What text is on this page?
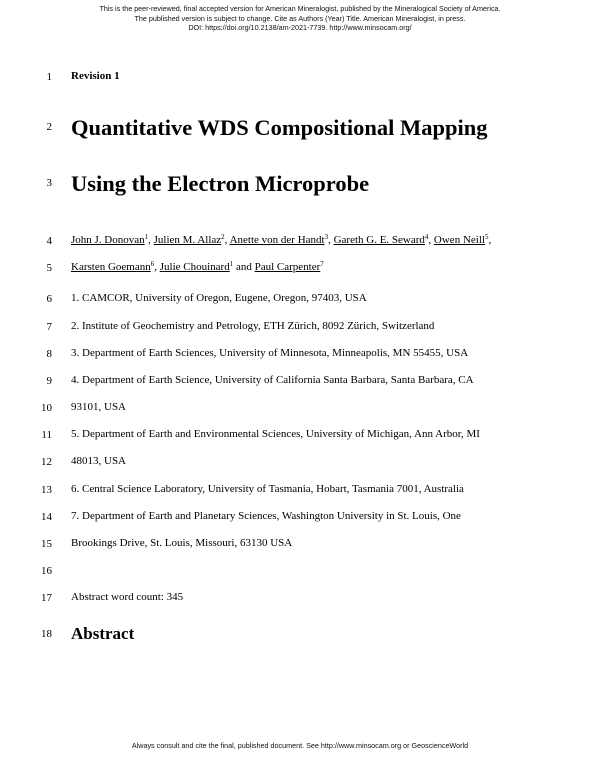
This is the peer-reviewed, final accepted version for American Mineralogist, published by the Mineralogical Society of America.
The published version is subject to change. Cite as Authors (Year) Title. American Mineralogist, in press.
DOI: https://doi.org/10.2138/am-2021-7739. http://www.minsocam.org/
1
2
3
4
5
6
7
8
9
10
11
12
13
14
15
16
17
18
Revision 1
Quantitative WDS Compositional Mapping
Using the Electron Microprobe
John J. Donovan$^1$, Julien M. Allaz$^2$, Anette von der Handt$^3$, Gareth G. E. Seward$^4$, Owen Neill$^5$,
Karsten Goemann$^6$, Julie Chouinard$^1$ and Paul Carpenter$^7$
1. CAMCOR, University of Oregon, Eugene, Oregon, 97403, USA
2. Institute of Geochemistry and Petrology, ETH Zürich, 8092 Zürich, Switzerland
3. Department of Earth Sciences, University of Minnesota, Minneapolis, MN 55455, USA
4. Department of Earth Science, University of California Santa Barbara, Santa Barbara, CA
93101, USA
5. Department of Earth and Environmental Sciences, University of Michigan, Ann Arbor, MI
48013, USA
6. Central Science Laboratory, University of Tasmania, Hobart, Tasmania 7001, Australia
7. Department of Earth and Planetary Sciences, Washington University in St. Louis, One
Brookings Drive, St. Louis, Missouri, 63130 USA
Abstract word count: 345
Abstract
Always consult and cite the final, published document. See http://www.minsocam.org or GeoscienceWorld
